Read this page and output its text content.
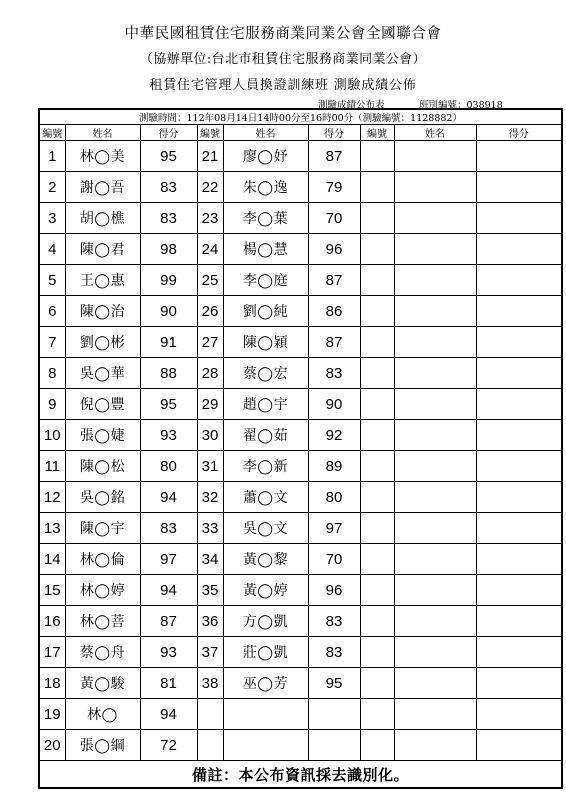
中華民國租賃住宅服務商業同業公會全國聯合會
（協辦單位:台北市租賃住宅服務商業同業公會）
租賃住宅管理人員換證訓練班 測驗成績公佈
測驗成績公布表	班別編號：038918
測驗時間：112年08月14日14時00分至16時00分（測驗編號：1128882）								
編號	姓名	得分	編號	姓名	得分	編號	姓名	得分
1	林◯美	95	21	廖◯妤	87			
2	謝◯吾	83	22	朱◯逸	79			
3	胡◯樵	83	23	李◯葉	70			
4	陳◯君	98	24	楊◯慧	96			
5	王◯惠	99	25	李◯庭	87			
6	陳◯治	90	26	劉◯純	86			
7	劉◯彬	91	27	陳◯穎	87			
8	吳◯華	88	28	蔡◯宏	83			
9	倪◯豐	95	29	趙◯宇	90			
10	張◯婕	93	30	翟◯茹	92			
11	陳◯松	80	31	李◯新	89			
12	吳◯銘	94	32	蕭◯文	80			
13	陳◯宇	83	33	吳◯文	97			
14	林◯倫	97	34	黃◯黎	70			
15	林◯婷	94	35	黃◯婷	96			
16	林◯菩	87	36	方◯凱	83			
17	蔡◯舟	93	37	莊◯凱	83			
18	黃◯駿	81	38	巫◯芳	95			
19	林◯	94						
20	張◯綱	72						
備註：本公布資訊採去識別化。								
